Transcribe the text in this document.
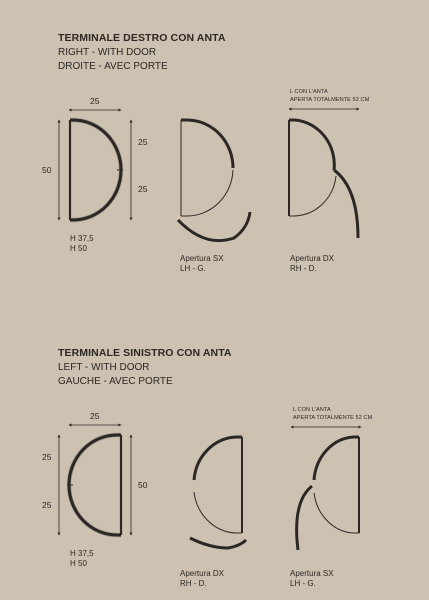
TERMINALE DESTRO CON ANTA
RIGHT - WITH DOOR
DROITE - AVEC PORTE
25
50
25
25
H 37,5
H 50
L CON L'ANTA
APERTA TOTALMENTE 52 CM
Apertura SX
LH - G.
Apertura DX
RH - D.
TERMINALE SINISTRO CON ANTA
LEFT - WITH DOOR
GAUCHE - AVEC PORTE
25
25
25
50
H 37,5
H 50
L CON L'ANTA
APERTA TOTALMENTE 52 CM
Apertura DX
RH - D.
Apertura SX
LH - G.
